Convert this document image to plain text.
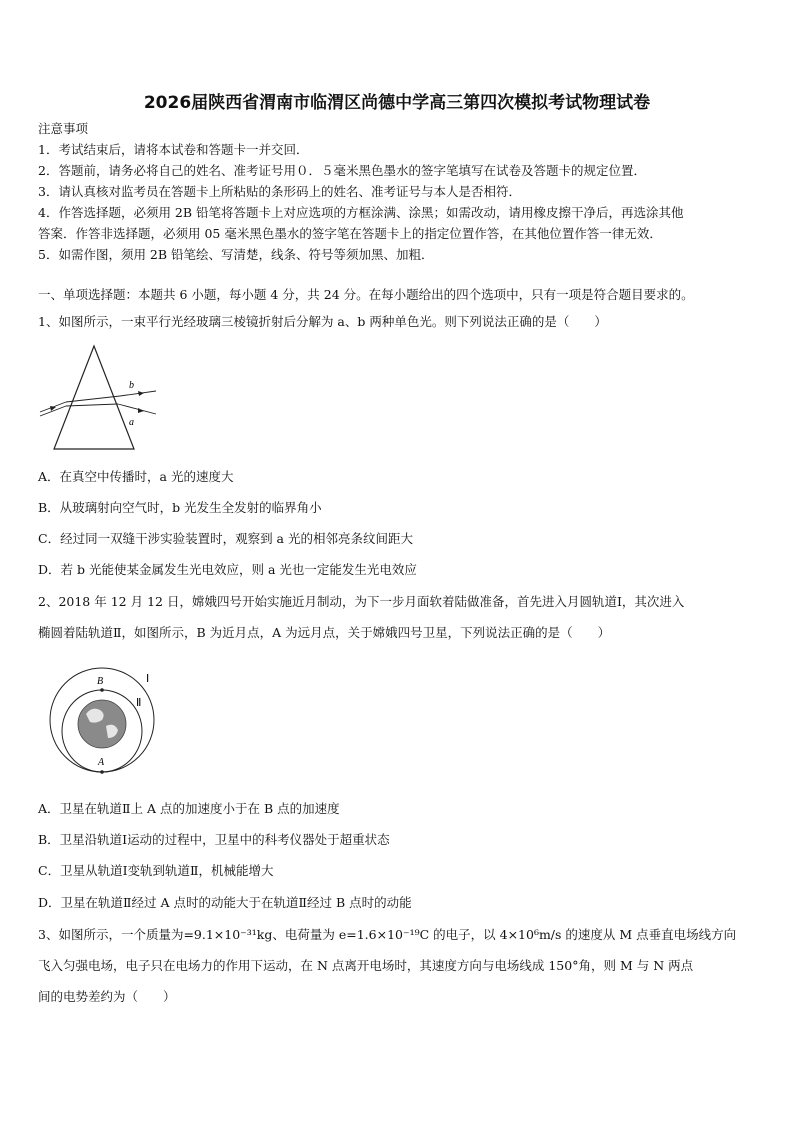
2026届陕西省渭南市临渭区尚德中学高三第四次模拟考试物理试卷
注意事项
1．考试结束后，请将本试卷和答题卡一并交回．
2．答题前，请务必将自己的姓名、准考证号用０．５毫米黑色墨水的签字笔填写在试卷及答题卡的规定位置．
3．请认真核对监考员在答题卡上所粘贴的条形码上的姓名、准考证号与本人是否相符．
4．作答选择题，必须用 2B 铅笔将答题卡上对应选项的方框涂满、涂黑；如需改动，请用橡皮擦干净后，再选涂其他
答案．作答非选择题，必须用 05 毫米黑色墨水的签字笔在答题卡上的指定位置作答，在其他位置作答一律无效．
5．如需作图，须用 2B 铅笔绘、写清楚，线条、符号等须加黑、加粗．
一、单项选择题：本题共 6 小题，每小题 4 分，共 24 分。在每小题给出的四个选项中，只有一项是符合题目要求的。
1、如图所示，一束平行光经玻璃三棱镜折射后分解为 a、b 两种单色光。则下列说法正确的是（　　）
b
a
A．在真空中传播时，a 光的速度大
B．从玻璃射向空气时，b 光发生全发射的临界角小
C．经过同一双缝干涉实验装置时，观察到 a 光的相邻亮条纹间距大
D．若 b 光能使某金属发生光电效应，则 a 光也一定能发生光电效应
2、2018 年 12 月 12 日，嫦娥四号开始实施近月制动，为下一步月面软着陆做准备，首先进入月圆轨道Ⅰ，其次进入
椭圆着陆轨道Ⅱ，如图所示，B 为近月点，A 为远月点，关于嫦娥四号卫星，下列说法正确的是（　　）
B
A
Ⅰ
Ⅱ
A．卫星在轨道Ⅱ上 A 点的加速度小于在 B 点的加速度
B．卫星沿轨道Ⅰ运动的过程中，卫星中的科考仪器处于超重状态
C．卫星从轨道Ⅰ变轨到轨道Ⅱ，机械能增大
D．卫星在轨道Ⅱ经过 A 点时的动能大于在轨道Ⅱ经过 B 点时的动能
3、如图所示，一个质量为=9.1×10⁻³¹kg、电荷量为 e=1.6×10⁻¹⁹C 的电子，以 4×10⁶m/s 的速度从 M 点垂直电场线方向
飞入匀强电场，电子只在电场力的作用下运动，在 N 点离开电场时，其速度方向与电场线成 150°角，则 M 与 N 两点
间的电势差约为（　　）
